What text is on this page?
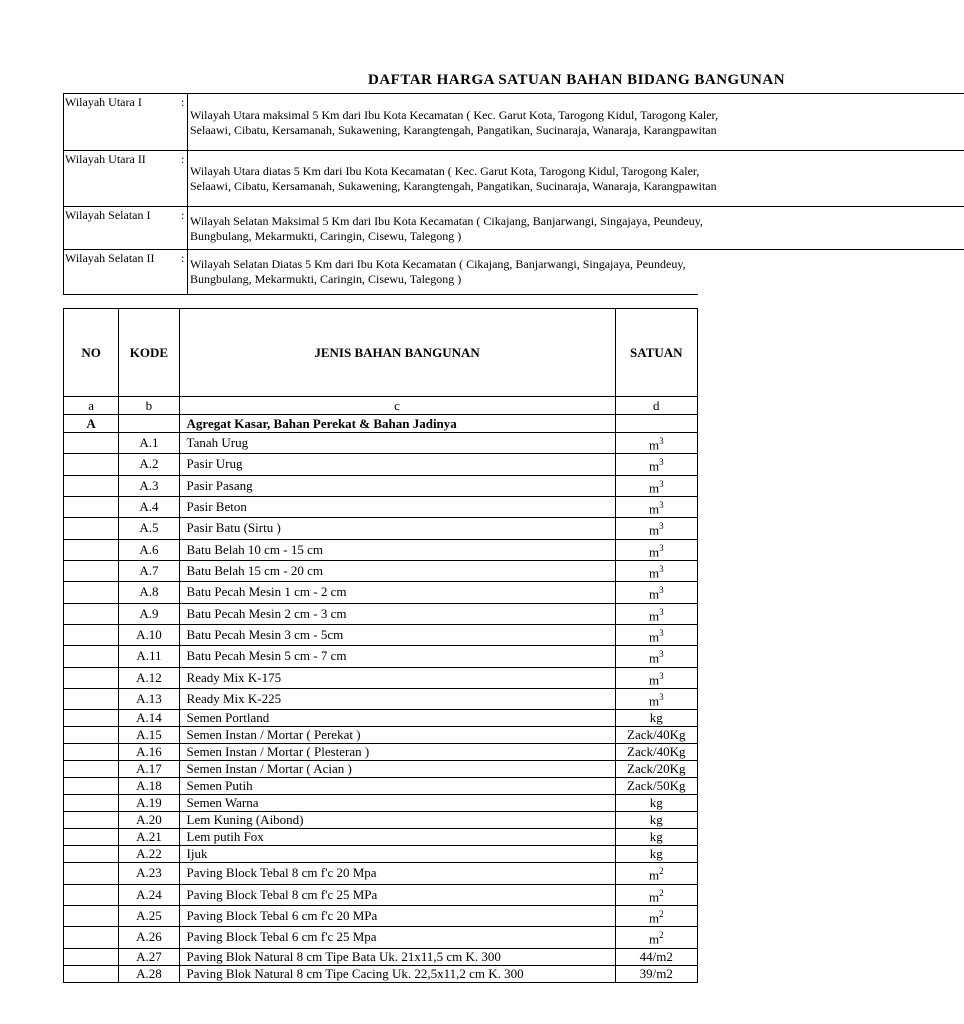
DAFTAR HARGA SATUAN BAHAN BIDANG BANGUNAN
Wilayah Utara I	:
Wilayah Utara maksimal 5 Km dari Ibu Kota Kecamatan ( Kec. Garut Kota, Tarogong Kidul, Tarogong Kaler,
Selaawi, Cibatu, Kersamanah, Sukawening, Karangtengah, Pangatikan, Sucinaraja, Wanaraja, Karangpawitan
Wilayah Utara II	:
Wilayah Utara diatas 5 Km dari Ibu Kota Kecamatan ( Kec. Garut Kota, Tarogong Kidul, Tarogong Kaler,
Selaawi, Cibatu, Kersamanah, Sukawening, Karangtengah, Pangatikan, Sucinaraja, Wanaraja, Karangpawitan
Wilayah Selatan I	: Wilayah Selatan Maksimal 5 Km dari Ibu Kota Kecamatan ( Cikajang, Banjarwangi, Singajaya, Peundeuy,
Bungbulang, Mekarmukti, Caringin, Cisewu, Talegong )
Wilayah Selatan II : Wilayah Selatan Diatas 5 Km dari Ibu Kota Kecamatan ( Cikajang, Banjarwangi, Singajaya, Peundeuy,
Bungbulang, Mekarmukti, Caringin, Cisewu, Talegong )
NO	KODE	JENIS BAHAN BANGUNAN	SATUAN
a	b	c	d
A		Agregat Kasar, Bahan Perekat & Bahan Jadinya	
	A.1	Tanah Urug	$m^3$
	A.2	Pasir Urug	$m^3$
	A.3	Pasir Pasang	$m^3$
	A.4	Pasir Beton	$m^3$
	A.5	Pasir Batu (Sirtu )	$m^3$
	A.6	Batu Belah 10 cm - 15 cm	$m^3$
	A.7	Batu Belah 15 cm - 20 cm	$m^3$
	A.8	Batu Pecah Mesin 1 cm - 2 cm	$m^3$
	A.9	Batu Pecah Mesin 2 cm - 3 cm	$m^3$
	A.10	Batu Pecah Mesin 3 cm - 5cm	$m^3$
	A.11	Batu Pecah Mesin 5 cm - 7 cm	$m^3$
	A.12	Ready Mix K-175	$m^3$
	A.13	Ready Mix K-225	$m^3$
	A.14	Semen Portland	kg
	A.15	Semen Instan / Mortar ( Perekat )	Zack/40Kg
	A.16	Semen Instan / Mortar ( Plesteran )	Zack/40Kg
	A.17	Semen Instan / Mortar ( Acian )	Zack/20Kg
	A.18	Semen Putih	Zack/50Kg
	A.19	Semen Warna	kg
	A.20	Lem Kuning (Aibond)	kg
	A.21	Lem putih Fox	kg
	A.22	Ijuk	kg
	A.23	Paving Block Tebal 8 cm f'c 20 Mpa	$m^2$
	A.24	Paving Block Tebal 8 cm f'c 25 MPa	$m^2$
	A.25	Paving Block Tebal 6 cm f'c 20 MPa	$m^2$
	A.26	Paving Block Tebal 6 cm f'c 25 Mpa	$m^2$
	A.27	Paving Blok Natural 8 cm Tipe Bata Uk. 21x11,5 cm K. 300	44/m2
	A.28	Paving Blok Natural 8 cm Tipe Cacing Uk. 22,5x11,2 cm K. 300	39/m2
